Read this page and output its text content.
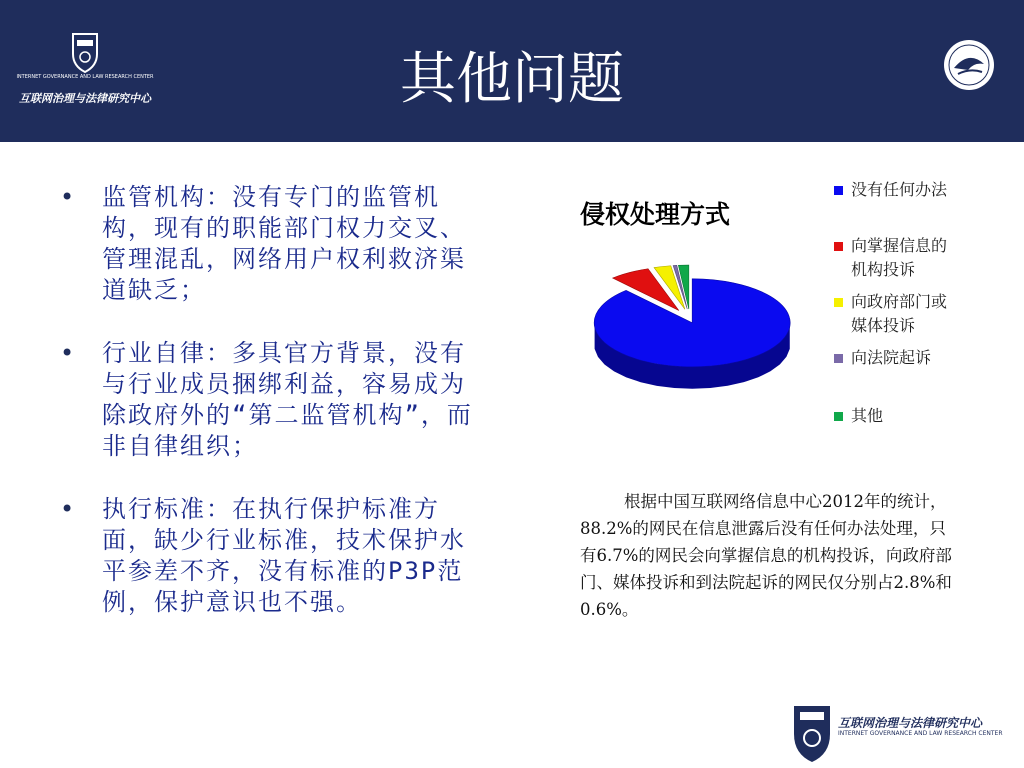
INTERNET GOVERNANCE AND LAW RESEARCH CENTER
互联网治理与法律研究中心	其他问题
• 监管机构：没有专门的监管机构，现有的职能部门权力交叉、管理混乱，网络用户权利救济渠道缺乏；
• 行业自律：多具官方背景，没有与行业成员捆绑利益，容易成为除政府外的“第二监管机构”，而非自律组织；
• 执行标准：在执行保护标准方面，缺少行业标准，技术保护水平参差不齐，没有标准的P3P范例，保护意识也不强。
侵权处理方式
没有任何办法
向掌握信息的
机构投诉
向政府部门或
媒体投诉
向法院起诉
其他

根据中国互联网络信息中心2012年的统计，88.2%的网民在信息泄露后没有任何办法处理，只有6.7%的网民会向掌握信息的机构投诉，向政府部门、媒体投诉和到法院起诉的网民仅分别占2.8%和0.6%。

互联网治理与法律研究中心
INTERNET GOVERNANCE AND LAW RESEARCH CENTER
